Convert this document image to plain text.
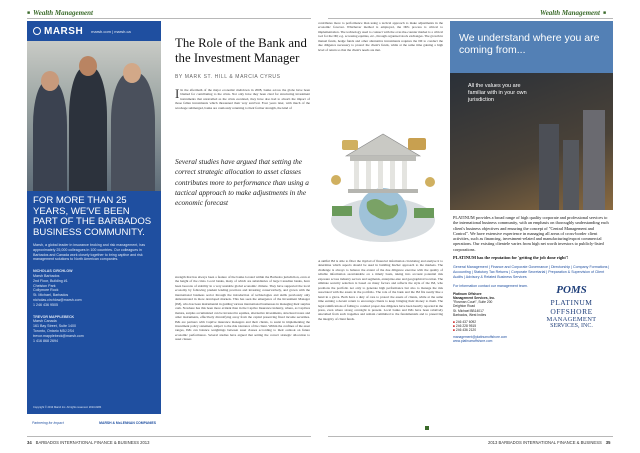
■ Wealth Management	Wealth Management ■
MARSH marsh.com | marsh.ca
FOR MORE THAN 25 YEARS, WE'VE BEEN PART OF THE BARBADOS BUSINESS COMMUNITY.
Marsh, a global leader in insurance broking and risk management, has approximately 25,000 colleagues in 100 countries. Our colleagues in Barbados and Canada work closely together to bring captive and risk management solutions to North American companies.
NICHOLAS CIRCHLOW
Marsh Barbados
2nd Floor, Building #1
Chelston Park
Collymore Rock
St. Michael, Barbados
nicholas.circhlow@marsh.com
1 246 436 9505
TREVOR MAPPLEBECK
Marsh Canada
161 Bay Street, Suite 1400
Toronto, Ontario M5J 2S4
trevor.mapplebeck@marsh.com
1 416 868 2694
Copyright © 2013 Marsh Inc. All rights reserved. 2013-0284
Partnering for Impact	MARSH & McLENNAN COMPANIES
The Role of the Bank and the Investment Manager
BY MARK ST. HILL & MARCIA CYRUS
I In the aftermath of the major economic meltdown in 2008, banks across the globe have been blamed for contributing to the crisis. Not only have they been cited for structuring investment instruments that unravelled as the crisis escalated, they have also had to absorb the impact of those fallen investments which threatened their very survival. Four years later, with much of the wreckage submerged, banks are cautiously returning to their former strength, the kind of
Several studies have argued that setting the correct strategic allocation to asset classes contributes more to performance than using a tactical approach to make adjustments in the economic forecast
strength that has always been a feature of the banks located within the Barbados jurisdiction, even at the height of the crisis. Local banks, many of which are subsidiaries of large Canadian banks, have been beacons of stability in a very unstable global economic climate. They have supported the local economy by following prudent lending practices and investing conservatively, and grown with the international business sector through the introduction of technologies and skills previously only demonstrated in more developed markets. This has seen the emergence of the Investment Manager (IM), who has been instrumental in guiding various international businesses in managing their surplus cash. Nowhere has this been more evident than in the Captive Insurance industry, where, as Captives mature, surplus accumulated can be invested in equities, alternative investments, structured notes and other instruments, effectively diversifying away from the capital preserving fixed income securities. IMs are partners with Captive insurance managers and their clients, to assist in implementing the investment policy statement, subject to the risk tolerance of the client. Within the confines of the asset ranges, IMs can balance weightings between asset classes according to their outlook on future economic performance. Several studies have argued that setting the correct strategic allocation to asset classes
contributes more to performance than using a tactical approach to make adjustments in the economic forecast. Whichever method is employed, the IM's process is critical to implementation. The technology used to connect with the over-the-counter market is a critical tool for the IM; e.g. accessing equities, etc., through organised stock exchanges. The growth in mutual funds, hedge funds and other alternative investments requires the IM to conduct the due diligence necessary to protect the client's funds, while at the same time gaining a high level of return so that the client's needs are met.
A skilful IM is able to filter the myriad of financial information circulating and analyse it to determine which aspects should be used in building his/her approach to the markets. The challenge is always to balance the extent of the due diligence exercise with the quality of reliable information ascertainable on a timely basis, taking into account potential risk exposure across industry sectors and segments, enterprise-size and geographical location. The ultimate security selection is based on many factors and reflects the style of the IM, who positions the portfolio not only to generate high performance but also to manage the risk associated with the assets in the portfolio. The role of the bank and the IM fits neatly like a hand in a glove. Both have a duty of care to protect the assets of clients, while at the same time earning a decent return to encourage clients to keep bringing their money to them. The legal ramifications of failing to conduct proper due diligence have been heavily reported in the press, even where strong oversight is present. Local banks and IMs have been relatively unscathed from such tragedies and remain committed to the fundamentals and to preserving the integrity of client funds.
We understand where you are coming from...
All the values you are familiar with in your own jurisdiction
PLATINUM provides a broad range of high quality corporate and professional services to the international business community, with an emphasis on thoroughly understanding each client's business objectives and ensuring the concept of "Central Management and Control". We have extensive experience in managing all areas of cross-border client activities, such as financing, investment-related and manufacturing/export commercial operations. Our existing clientele varies from high net worth investors to publicly-listed corporations.
PLATINUM has the reputation for 'getting the job done right'!
General Management | Finance and Corporate Governance | Directorship | Company Formations | Accounting | Statutory Tax Returns | Corporate Secretarial | Preparation & Supervision of Client Audits | Advisory & Related Business Services
For information contact our management team.
Platinum Offshore
Management Services, Inc.
"Rosman Court", Suite 200
Deighton Road
St. Michael BB14017
Barbados, West Indies
■ 246 437 6092
■ 246 228 9515
■ 246 436 2120
management@platinumoffshore.com
www.platinumoffshore.com
POMS
PLATINUM
OFFSHORE
MANAGEMENT
SERVICES, INC.
34 BARBADOS INTERNATIONAL FINANCE & BUSINESS 2013	2013 BARBADOS INTERNATIONAL FINANCE & BUSINESS 35
